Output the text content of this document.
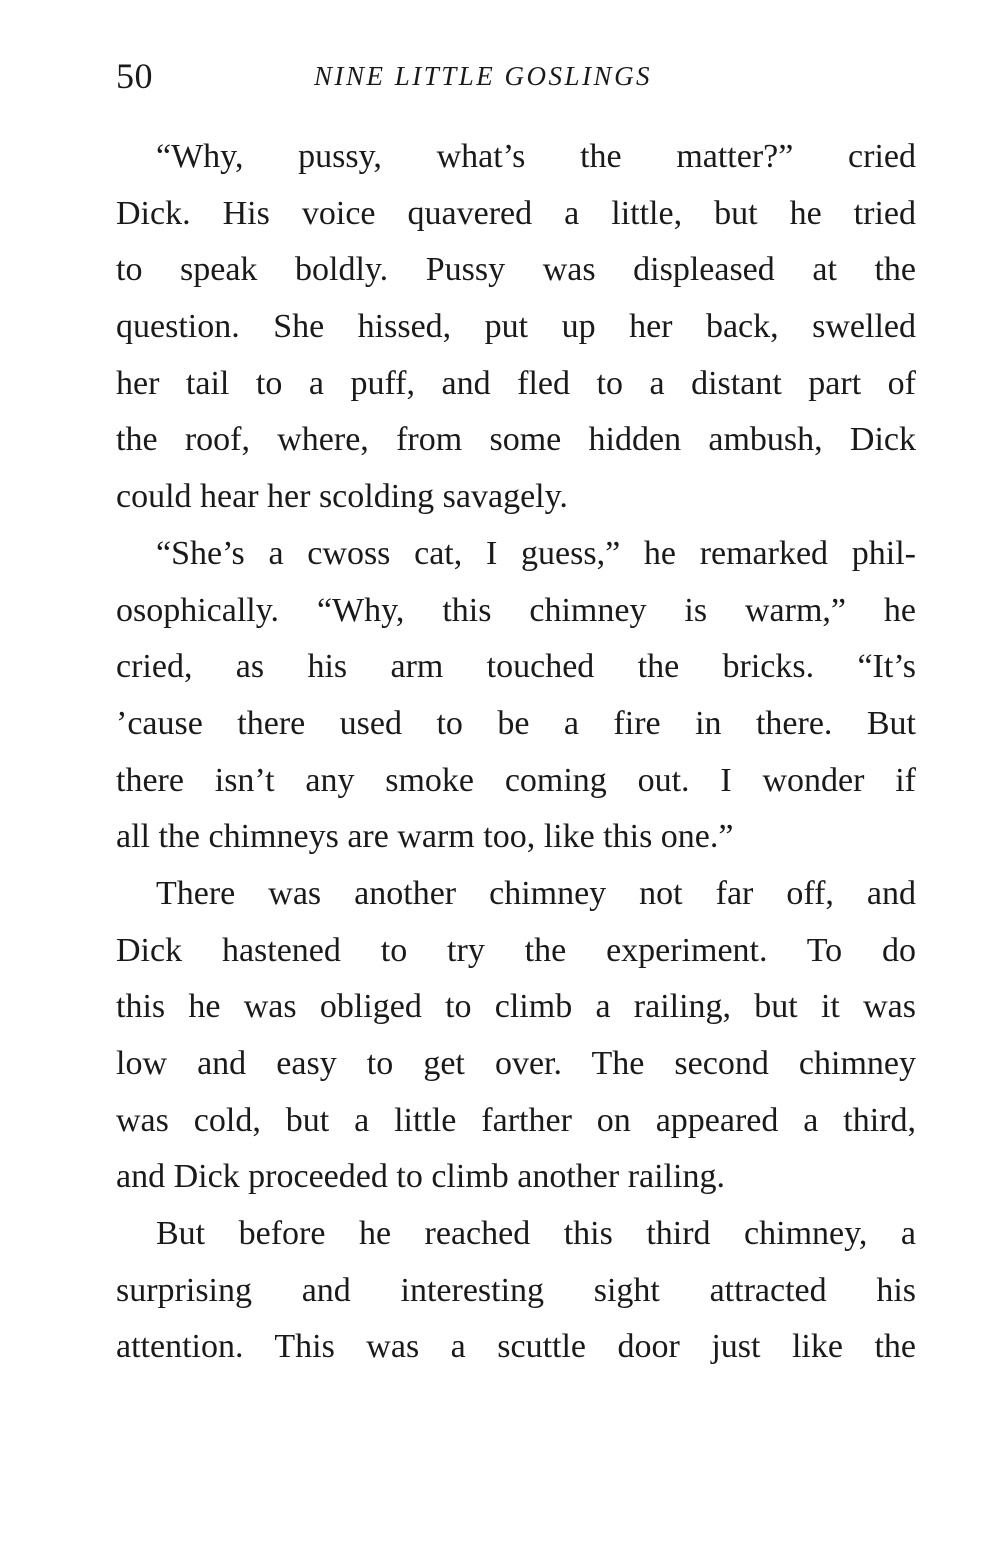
50	NINE LITTLE GOSLINGS
“Why, pussy, what’s the matter?” cried
Dick. His voice quavered a little, but he tried
to speak boldly. Pussy was displeased at the
question. She hissed, put up her back, swelled
her tail to a puff, and fled to a distant part of
the roof, where, from some hidden ambush, Dick
could hear her scolding savagely.
“She’s a cwoss cat, I guess,” he remarked phil-
osophically. “Why, this chimney is warm,” he
cried, as his arm touched the bricks. “It’s
’cause there used to be a fire in there. But
there isn’t any smoke coming out. I wonder if
all the chimneys are warm too, like this one.”
There was another chimney not far off, and
Dick hastened to try the experiment. To do
this he was obliged to climb a railing, but it was
low and easy to get over. The second chimney
was cold, but a little farther on appeared a third,
and Dick proceeded to climb another railing.
But before he reached this third chimney, a
surprising and interesting sight attracted his
attention. This was a scuttle door just like the
